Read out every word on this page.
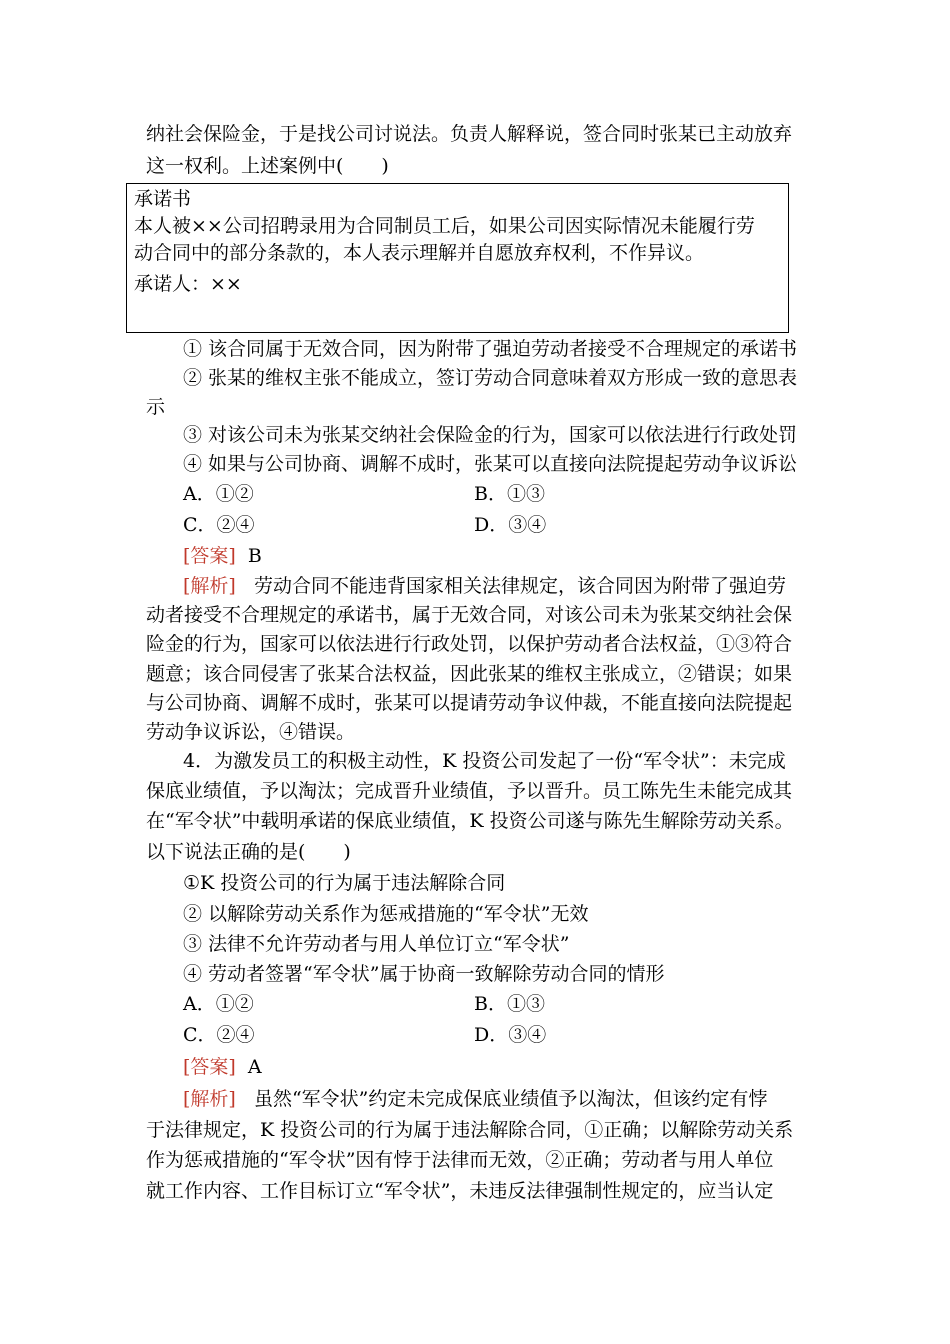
纳社会保险金，于是找公司讨说法。负责人解释说，签合同时张某已主动放弃
这一权利。上述案例中(　　)
承诺书
本人被××公司招聘录用为合同制员工后，如果公司因实际情况未能履行劳
动合同中的部分条款的，本人表示理解并自愿放弃权利，不作异议。
承诺人：××
① 该合同属于无效合同，因为附带了强迫劳动者接受不合理规定的承诺书
② 张某的维权主张不能成立，签订劳动合同意味着双方形成一致的意思表
示
③ 对该公司未为张某交纳社会保险金的行为，国家可以依法进行行政处罚
④ 如果与公司协商、调解不成时，张某可以直接向法院提起劳动争议诉讼
A．①②	B．①③
C．②④	D．③④
[答案] B
[解析] 劳动合同不能违背国家相关法律规定，该合同因为附带了强迫劳
动者接受不合理规定的承诺书，属于无效合同，对该公司未为张某交纳社会保
险金的行为，国家可以依法进行行政处罚，以保护劳动者合法权益，①③符合
题意；该合同侵害了张某合法权益，因此张某的维权主张成立，②错误；如果
与公司协商、调解不成时，张某可以提请劳动争议仲裁，不能直接向法院提起
劳动争议诉讼，④错误。
4．为激发员工的积极主动性，K 投资公司发起了一份“军令状”：未完成
保底业绩值，予以淘汰；完成晋升业绩值，予以晋升。员工陈先生未能完成其
在“军令状”中载明承诺的保底业绩值，K 投资公司遂与陈先生解除劳动关系。
以下说法正确的是(　　)
①K 投资公司的行为属于违法解除合同
② 以解除劳动关系作为惩戒措施的“军令状”无效
③ 法律不允许劳动者与用人单位订立“军令状”
④ 劳动者签署“军令状”属于协商一致解除劳动合同的情形
A．①②	B．①③
C．②④	D．③④
[答案] A
[解析] 虽然“军令状”约定未完成保底业绩值予以淘汰，但该约定有悖
于法律规定，K 投资公司的行为属于违法解除合同，①正确；以解除劳动关系
作为惩戒措施的“军令状”因有悖于法律而无效，②正确；劳动者与用人单位
就工作内容、工作目标订立“军令状”，未违反法律强制性规定的，应当认定
